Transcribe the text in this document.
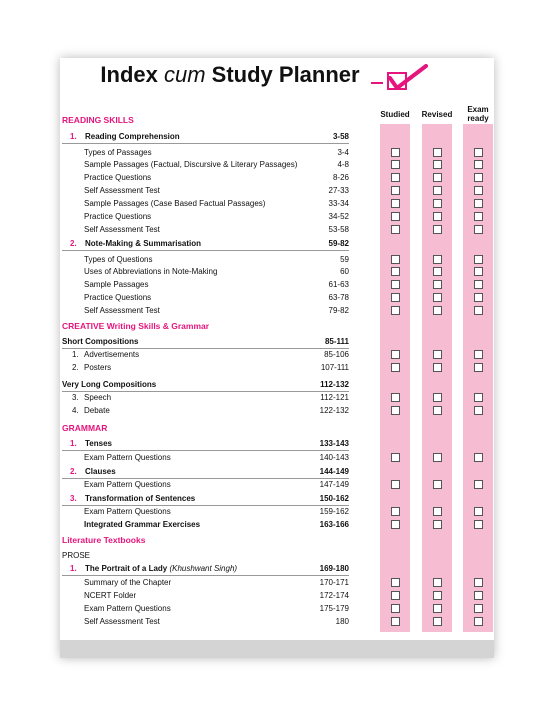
Index cum Study Planner
Studied	Revised
Exam
ready
READING SKILLS
1. Reading Comprehension	3-58
Types of Passages	3-4
Sample Passages (Factual, Discursive & Literary Passages)	4-8
Practice Questions	8-26
Self Assessment Test	27-33
Sample Passages (Case Based Factual Passages)	33-34
Practice Questions	34-52
Self Assessment Test	53-58
2. Note-Making & Summarisation	59-82
Types of Questions	59
Uses of Abbreviations in Note-Making	60
Sample Passages	61-63
Practice Questions	63-78
Self Assessment Test	79-82
CREATIVE Writing Skills & Grammar
Short Compositions	85-111
1. Advertisements	85-106
2. Posters	107-111
Very Long Compositions	112-132
3. Speech	112-121
4. Debate	122-132
GRAMMAR
1. Tenses	133-143
Exam Pattern Questions	140-143
2. Clauses	144-149
Exam Pattern Questions	147-149
3. Transformation of Sentences	150-162
Exam Pattern Questions	159-162
Integrated Grammar Exercises	163-166
Literature Textbooks
PROSE
1. The Portrait of a Lady (Khushwant Singh)	169-180
Summary of the Chapter	170-171
NCERT Folder	172-174
Exam Pattern Questions	175-179
Self Assessment Test	180
